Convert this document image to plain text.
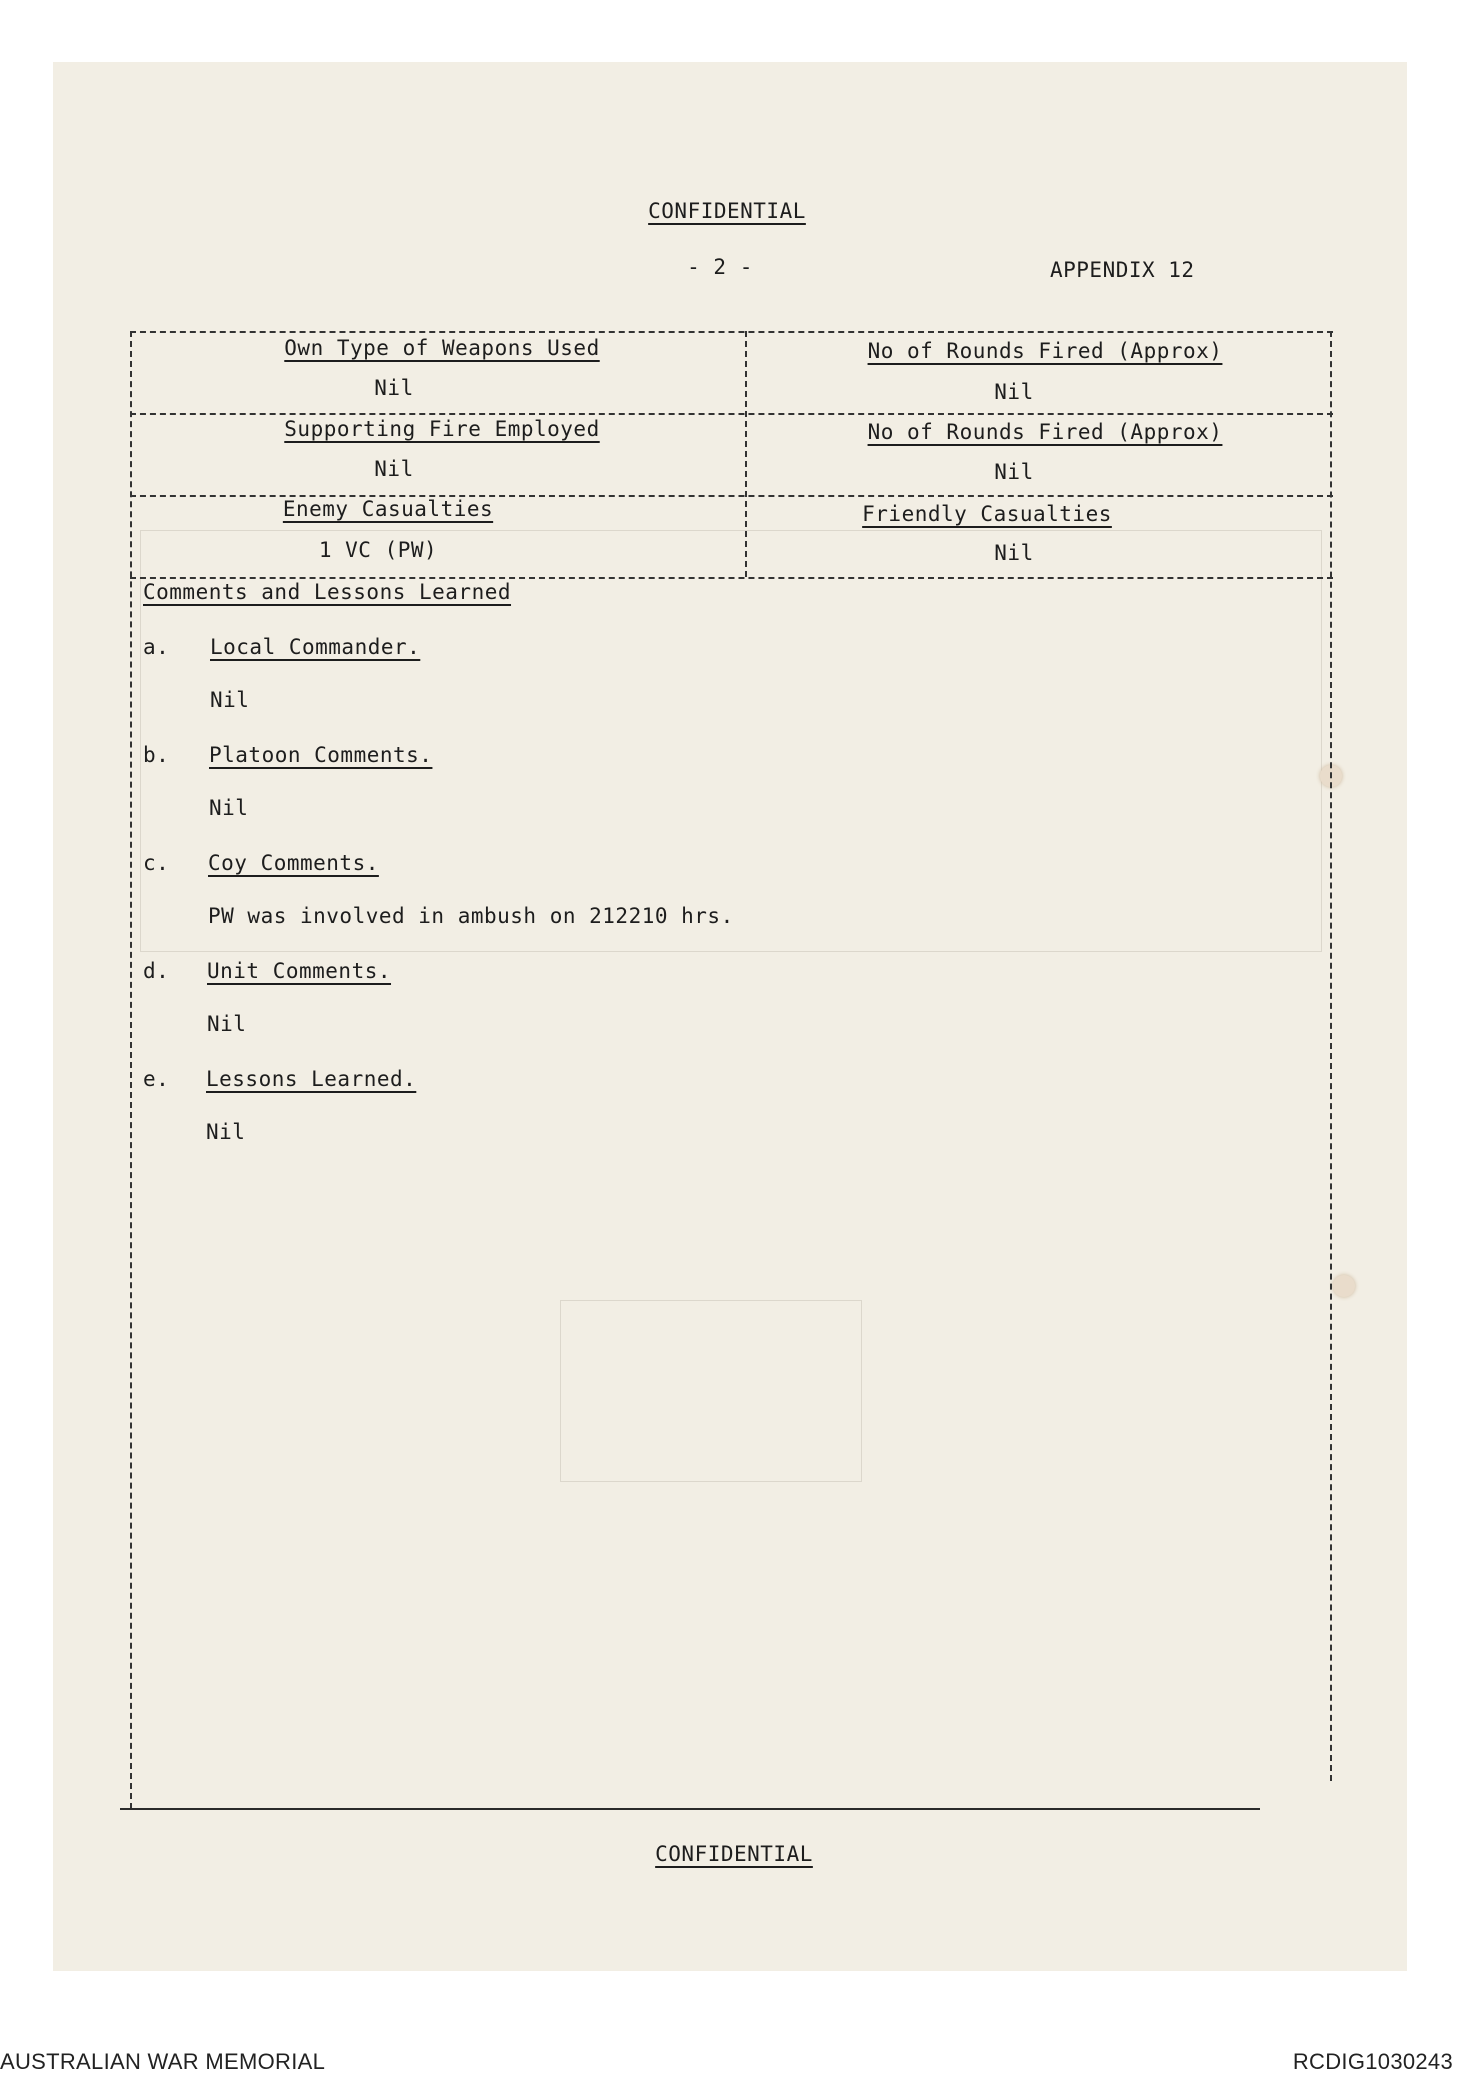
CONFIDENTIAL
- 2 -	APPENDIX 12
Own Type of Weapons Used
Nil
No of Rounds Fired (Approx)
Nil
Supporting Fire Employed
Nil
No of Rounds Fired (Approx)
Nil
Enemy Casualties
1 VC (PW)
Friendly Casualties
Nil
Comments and Lessons Learned
a. Local Commander.
Nil
b. Platoon Comments.
Nil
c. Coy Comments.
PW was involved in ambush on 212210 hrs.
d. Unit Comments.
Nil
e. Lessons Learned.
Nil
CONFIDENTIAL
AUSTRALIAN WAR MEMORIAL	RCDIG1030243
